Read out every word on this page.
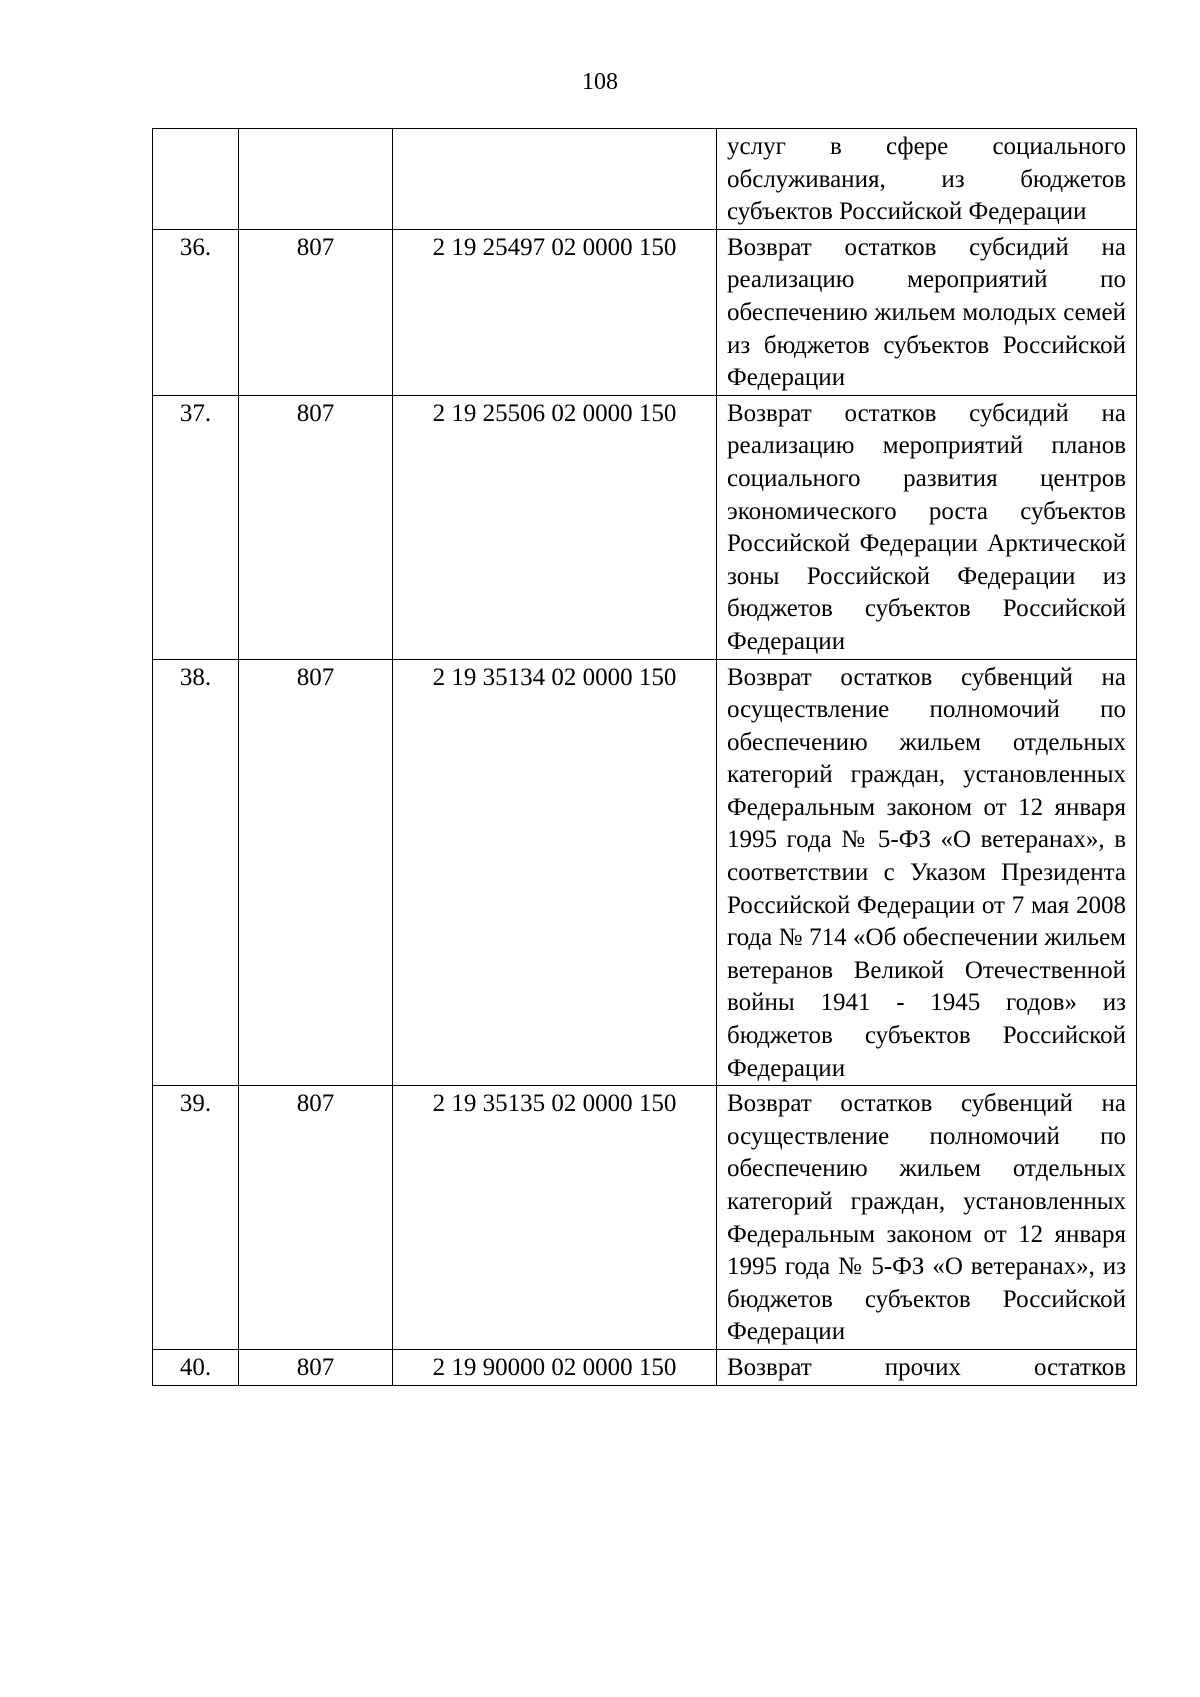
108
			услуг в сфере социального обслуживания, из бюджетов субъектов Российской Федерации
36.	807	2 19 25497 02 0000 150	Возврат остатков субсидий на реализацию мероприятий по обеспечению жильем молодых семей из бюджетов субъектов Российской Федерации
37.	807	2 19 25506 02 0000 150	Возврат остатков субсидий на реализацию мероприятий планов социального развития центров экономического роста субъектов Российской Федерации Арктической зоны Российской Федерации из бюджетов субъектов Российской Федерации
38.	807	2 19 35134 02 0000 150	Возврат остатков субвенций на осуществление полномочий по обеспечению жильем отдельных категорий граждан, установленных Федеральным законом от 12 января 1995 года № 5-ФЗ «О ветеранах», в соответствии с Указом Президента Российской Федерации от 7 мая 2008 года № 714 «Об обеспечении жильем ветеранов Великой Отечественной войны 1941 - 1945 годов» из бюджетов субъектов Российской Федерации
39.	807	2 19 35135 02 0000 150	Возврат остатков субвенций на осуществление полномочий по обеспечению жильем отдельных категорий граждан, установленных Федеральным законом от 12 января 1995 года № 5-ФЗ «О ветеранах», из бюджетов субъектов Российской Федерации
40.	807	2 19 90000 02 0000 150	Возврат прочих остатков
